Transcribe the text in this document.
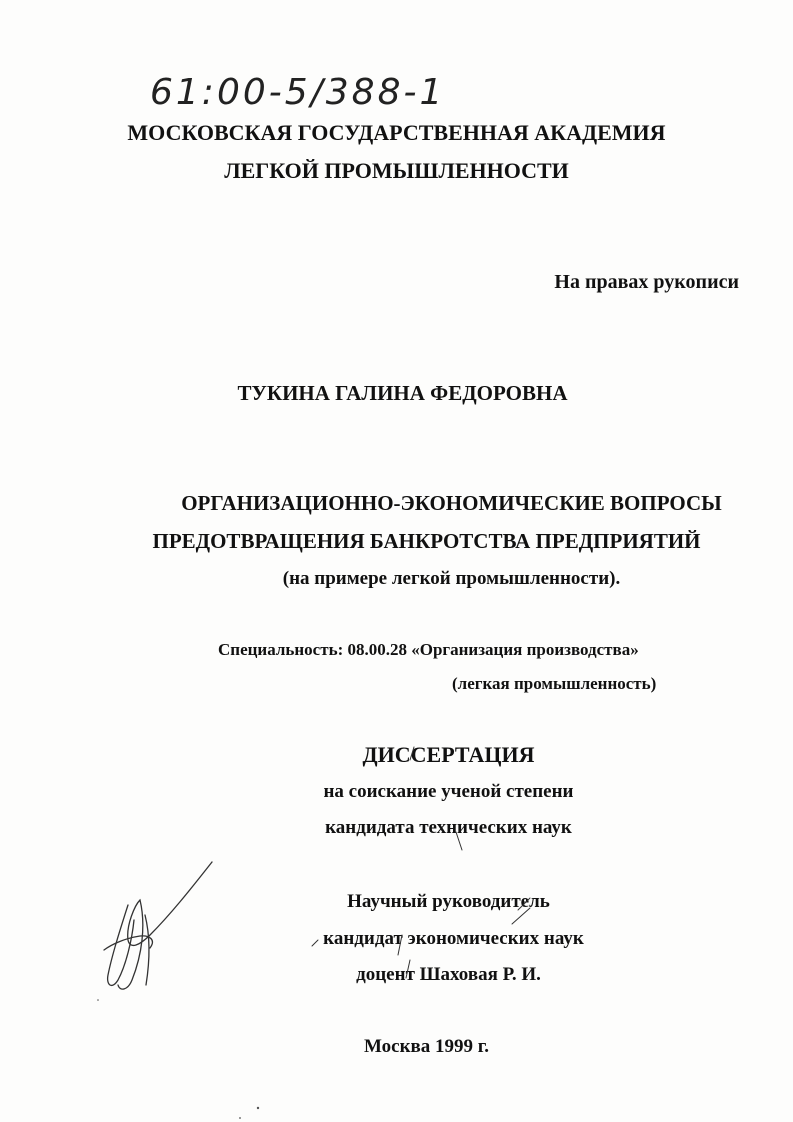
61:00-5/388-1
МОСКОВСКАЯ ГОСУДАРСТВЕННАЯ АКАДЕМИЯ
ЛЕГКОЙ ПРОМЫШЛЕННОСТИ
На правах рукописи
ТУКИНА ГАЛИНА ФЕДОРОВНА
ОРГАНИЗАЦИОННО-ЭКОНОМИЧЕСКИЕ ВОПРОСЫ
ПРЕДОТВРАЩЕНИЯ БАНКРОТСТВА ПРЕДПРИЯТИЙ
(на примере легкой промышленности).
Специальность: 08.00.28 «Организация производства»
(легкая промышленность)
ДИССЕРТАЦИЯ
на соискание ученой степени
кандидата технических наук
Научный руководитель
кандидат экономических наук
доцент Шаховая Р. И.
Москва 1999 г.
